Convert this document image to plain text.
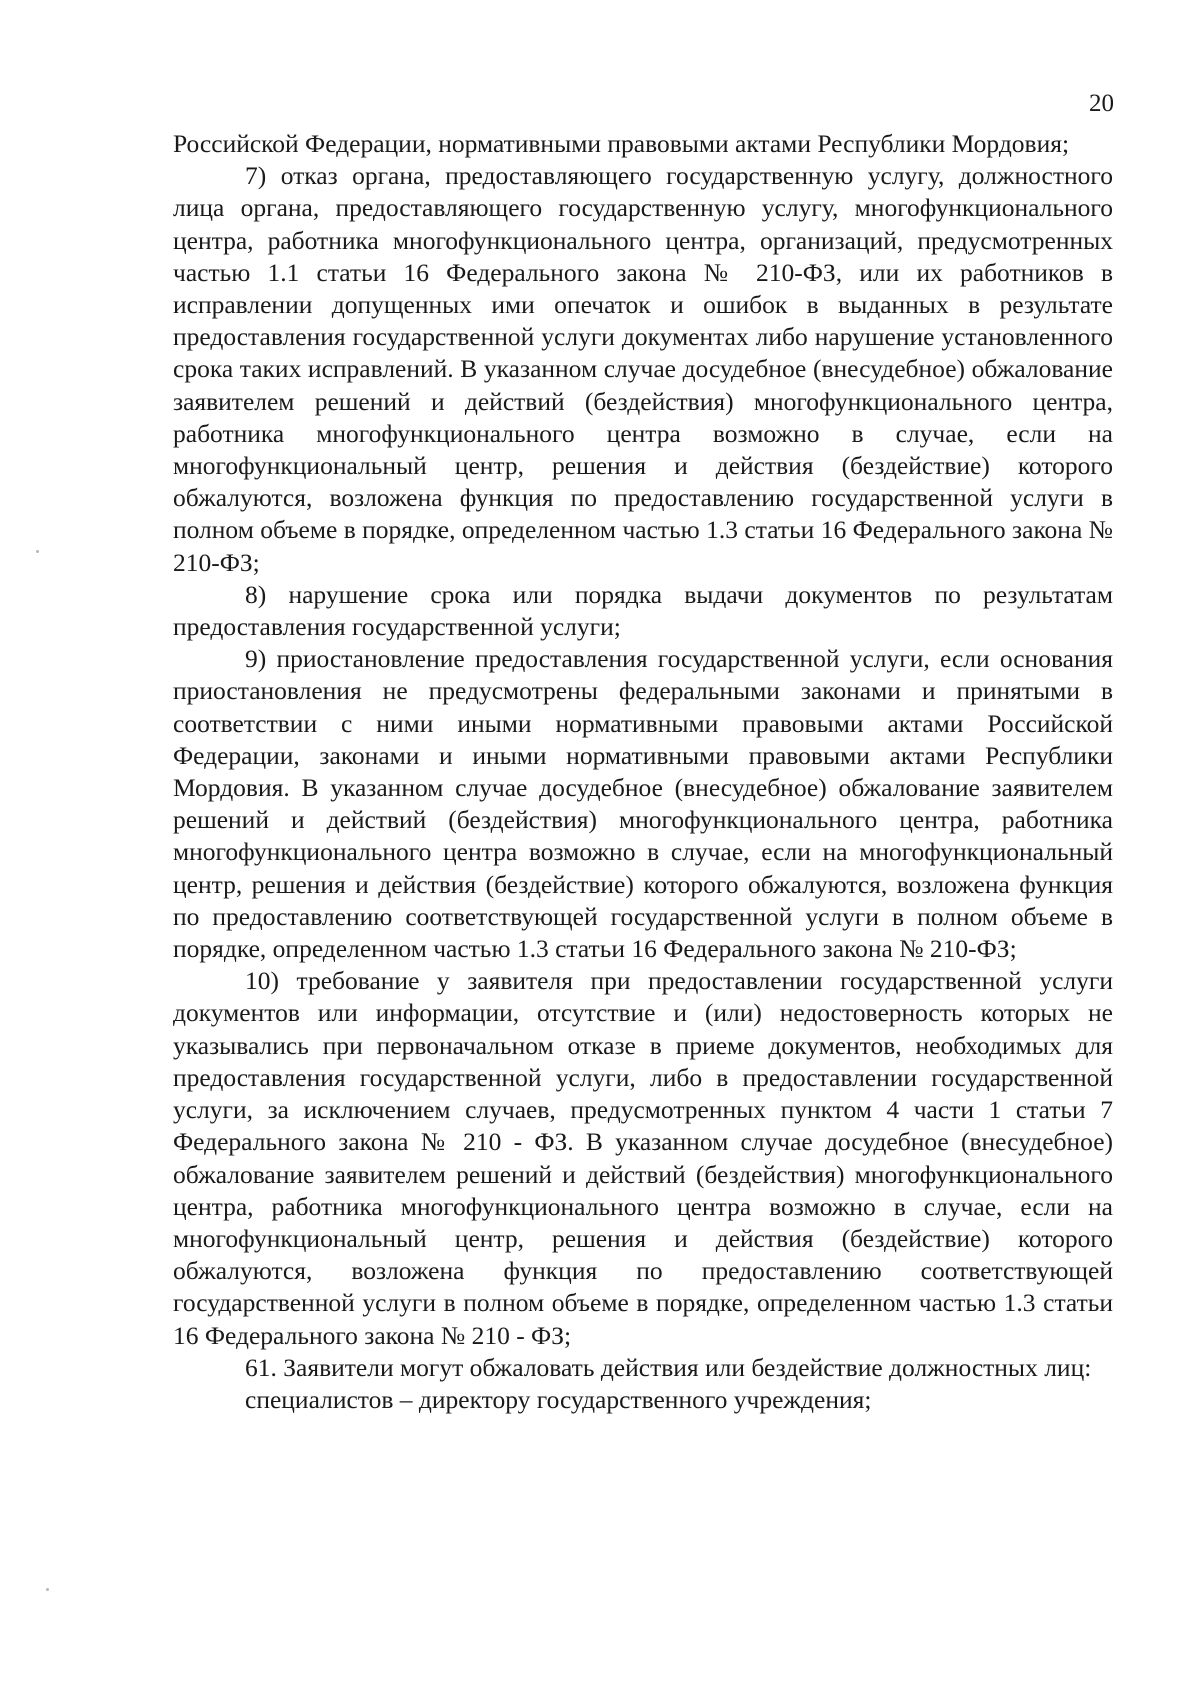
20

Российской Федерации, нормативными правовыми актами Республики Мордовия;

7) отказ органа, предоставляющего государственную услугу, должностного лица органа, предоставляющего государственную услугу, многофункционального центра, работника многофункционального центра, организаций, предусмотренных частью 1.1 статьи 16 Федерального закона № 210-ФЗ, или их работников в исправлении допущенных ими опечаток и ошибок в выданных в результате предоставления государственной услуги документах либо нарушение установленного срока таких исправлений. В указанном случае досудебное (внесудебное) обжалование заявителем решений и действий (бездействия) многофункционального центра, работника многофункционального центра возможно в случае, если на многофункциональный центр, решения и действия (бездействие) которого обжалуются, возложена функция по предоставлению государственной услуги в полном объеме в порядке, определенном частью 1.3 статьи 16 Федерального закона № 210-ФЗ;

8) нарушение срока или порядка выдачи документов по результатам предоставления государственной услуги;

9) приостановление предоставления государственной услуги, если основания приостановления не предусмотрены федеральными законами и принятыми в соответствии с ними иными нормативными правовыми актами Российской Федерации, законами и иными нормативными правовыми актами Республики Мордовия. В указанном случае досудебное (внесудебное) обжалование заявителем решений и действий (бездействия) многофункционального центра, работника многофункционального центра возможно в случае, если на многофункциональный центр, решения и действия (бездействие) которого обжалуются, возложена функция по предоставлению соответствующей государственной услуги в полном объеме в порядке, определенном частью 1.3 статьи 16 Федерального закона № 210-ФЗ;

10) требование у заявителя при предоставлении государственной услуги документов или информации, отсутствие и (или) недостоверность которых не указывались при первоначальном отказе в приеме документов, необходимых для предоставления государственной услуги, либо в предоставлении государственной услуги, за исключением случаев, предусмотренных пунктом 4 части 1 статьи 7 Федерального закона № 210 - ФЗ. В указанном случае досудебное (внесудебное) обжалование заявителем решений и действий (бездействия) многофункционального центра, работника многофункционального центра возможно в случае, если на многофункциональный центр, решения и действия (бездействие) которого обжалуются, возложена функция по предоставлению соответствующей государственной услуги в полном объеме в порядке, определенном частью 1.3 статьи 16 Федерального закона № 210 - ФЗ;

61. Заявители могут обжаловать действия или бездействие должностных лиц:

специалистов – директору государственного учреждения;
